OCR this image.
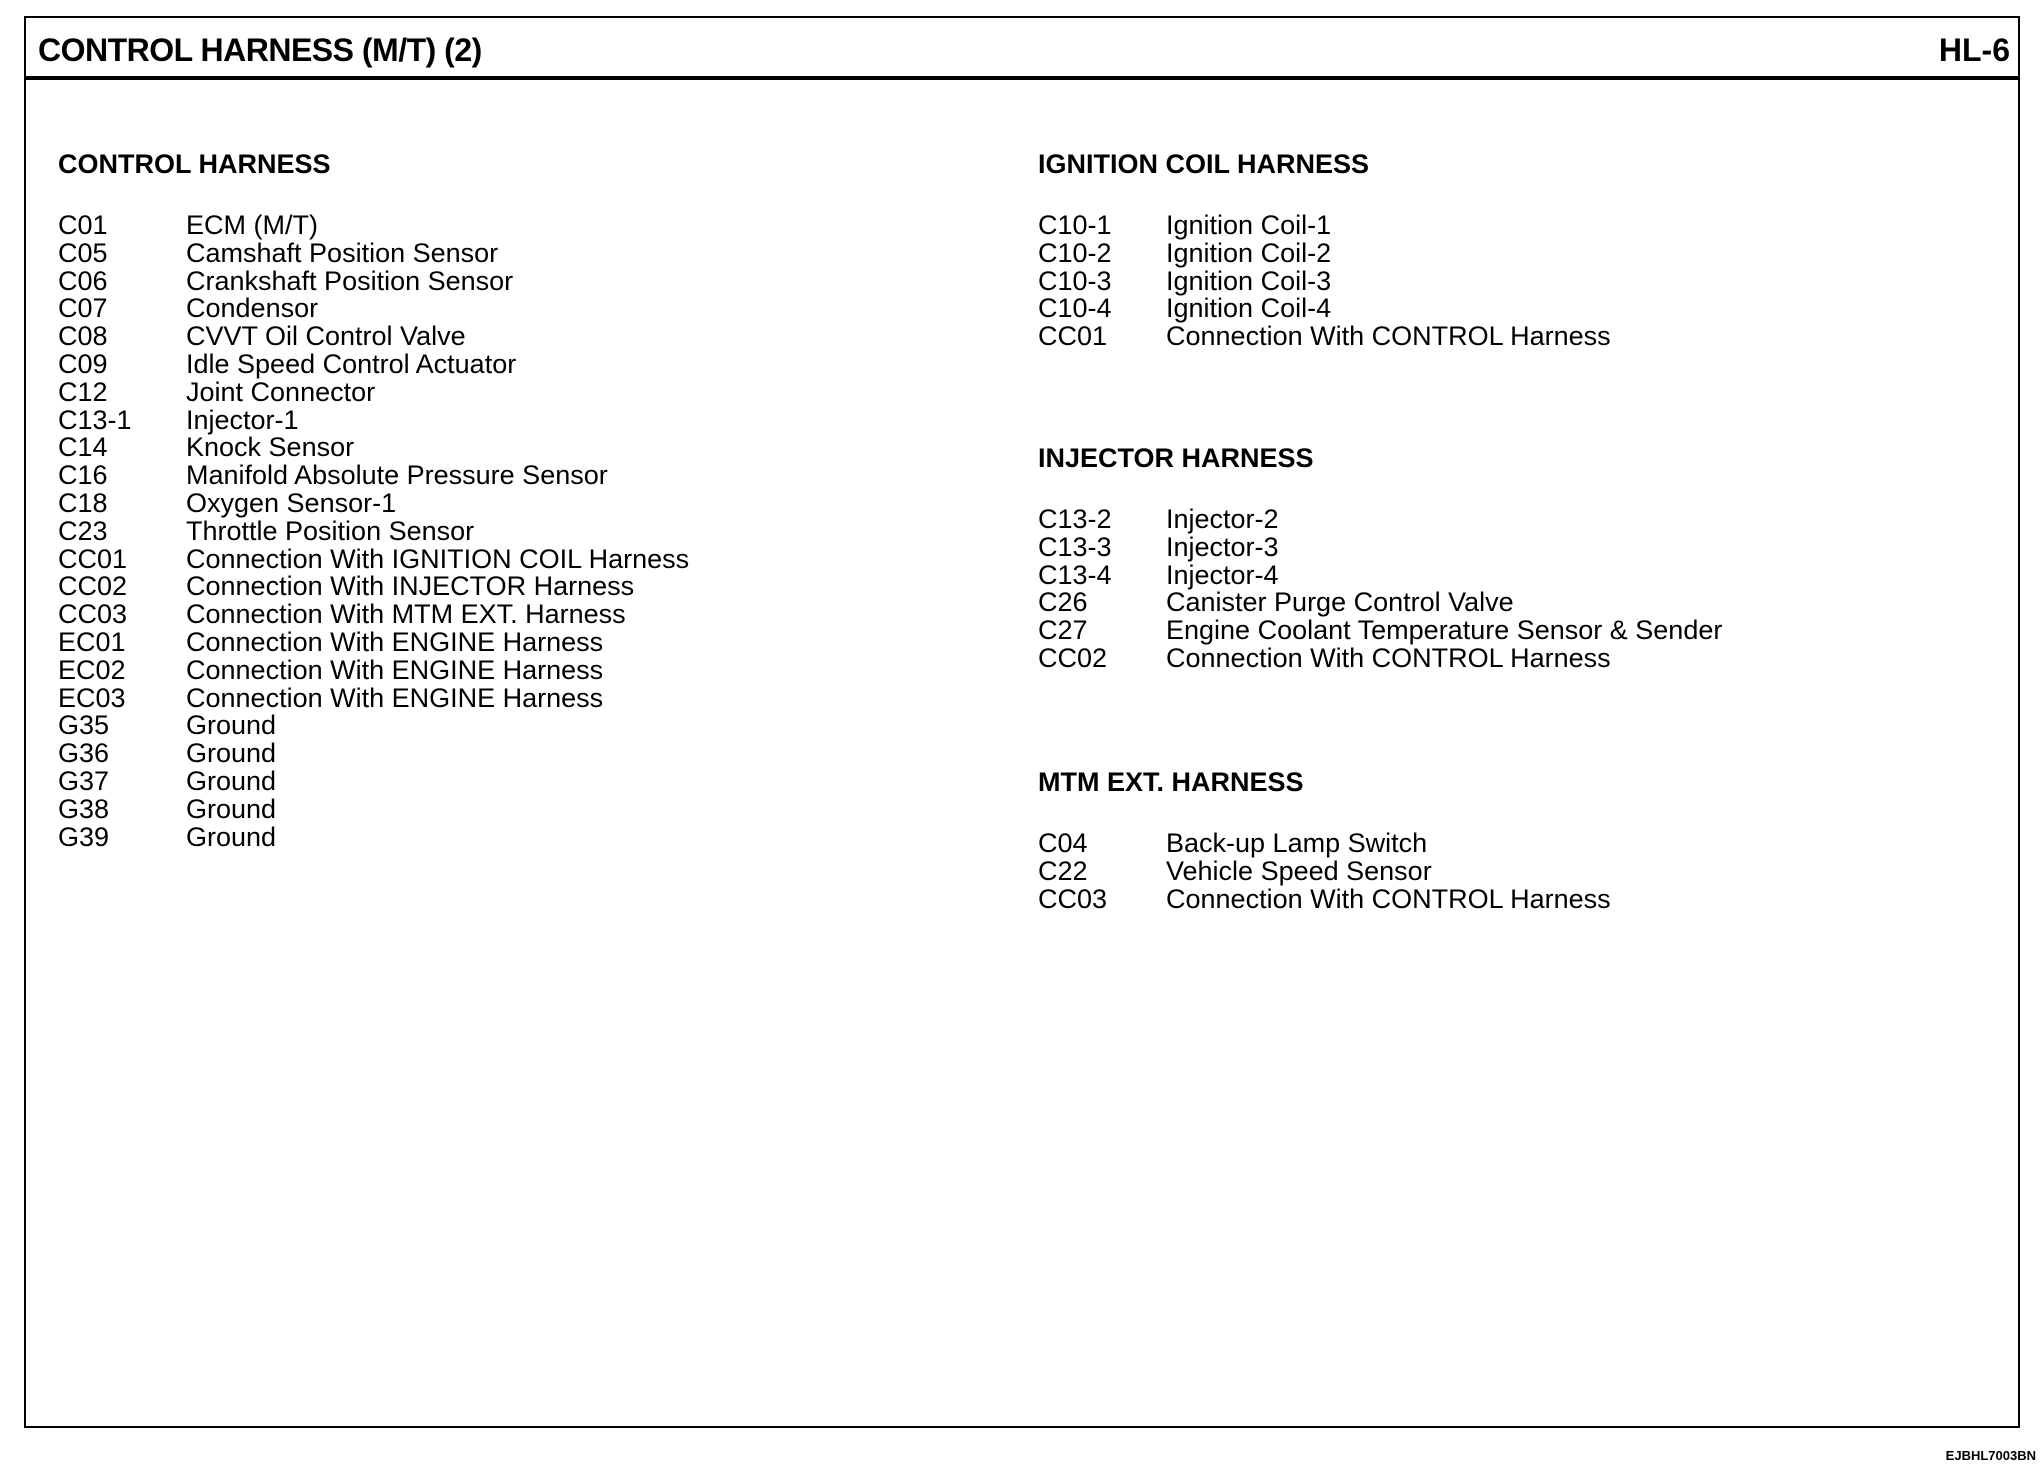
CONTROL HARNESS (M/T) (2)	HL-6
CONTROL HARNESS
C01	ECM (M/T)
C05	Camshaft Position Sensor
C06	Crankshaft Position Sensor
C07	Condensor
C08	CVVT Oil Control Valve
C09	Idle Speed Control Actuator
C12	Joint Connector
C13-1 Injector-1
C14	Knock Sensor
C16	Manifold Absolute Pressure Sensor
C18	Oxygen Sensor-1
C23	Throttle Position Sensor
CC01 Connection With IGNITION COIL Harness
CC02 Connection With INJECTOR Harness
CC03 Connection With MTM EXT. Harness
EC01 Connection With ENGINE Harness
EC02 Connection With ENGINE Harness
EC03 Connection With ENGINE Harness
G35	Ground
G36	Ground
G37	Ground
G38	Ground
G39	Ground
IGNITION COIL HARNESS
C10-1 Ignition Coil-1
C10-2 Ignition Coil-2
C10-3 Ignition Coil-3
C10-4 Ignition Coil-4
CC01 Connection With CONTROL Harness
INJECTOR HARNESS
C13-2 Injector-2
C13-3 Injector-3
C13-4 Injector-4
C26	Canister Purge Control Valve
C27	Engine Coolant Temperature Sensor & Sender
CC02 Connection With CONTROL Harness
MTM EXT. HARNESS
C04	Back-up Lamp Switch
C22	Vehicle Speed Sensor
CC03 Connection With CONTROL Harness
EJBHL7003BN
